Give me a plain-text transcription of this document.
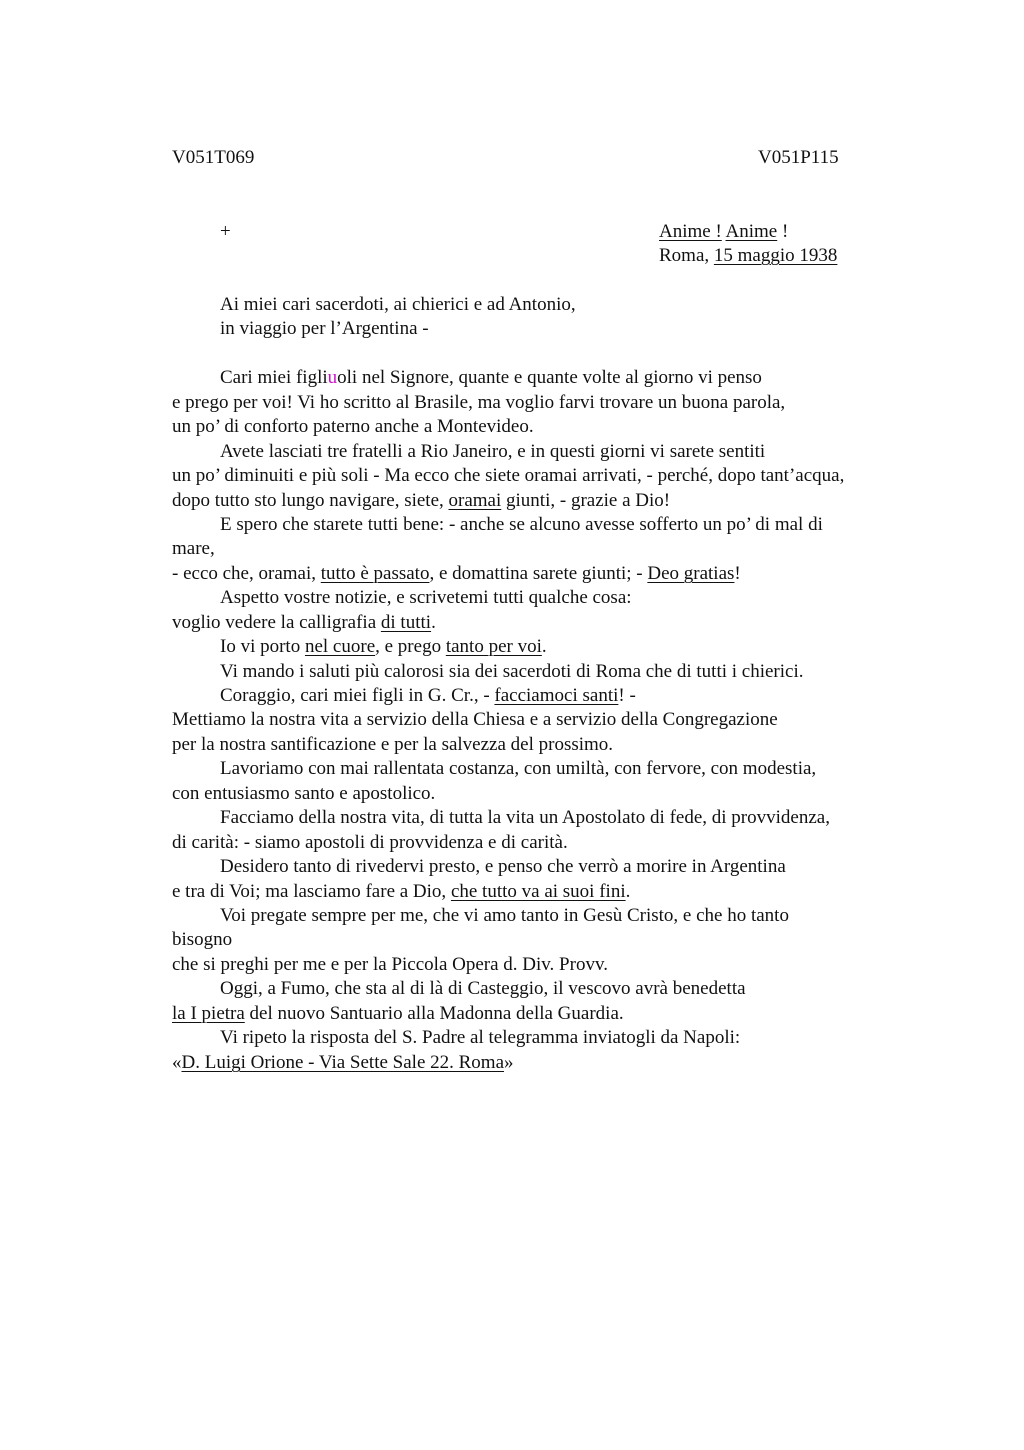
V051T069	V051P115
+	Anime ! Anime !
Roma, 15 maggio 1938
Ai miei cari sacerdoti, ai chierici e ad Antonio,
in viaggio per l’Argentina -
Cari miei figliuoli nel Signore, quante e quante volte al giorno vi penso
e prego per voi! Vi ho scritto al Brasile, ma voglio farvi trovare un buona parola,
un po’ di conforto paterno anche a Montevideo.
Avete lasciati tre fratelli a Rio Janeiro, e in questi giorni vi sarete sentiti
un po’ diminuiti e più soli - Ma ecco che siete oramai arrivati, - perché, dopo tant’acqua,
dopo tutto sto lungo navigare, siete, oramai giunti, - grazie a Dio!
E spero che starete tutti bene: - anche se alcuno avesse sofferto un po’ di mal di
mare,
- ecco che, oramai, tutto è passato, e domattina sarete giunti; - Deo gratias!
Aspetto vostre notizie, e scrivetemi tutti qualche cosa:
voglio vedere la calligrafia di tutti.
Io vi porto nel cuore, e prego tanto per voi.
Vi mando i saluti più calorosi sia dei sacerdoti di Roma che di tutti i chierici.
Coraggio, cari miei figli in G. Cr., - facciamoci santi! -
Mettiamo la nostra vita a servizio della Chiesa e a servizio della Congregazione
per la nostra santificazione e per la salvezza del prossimo.
Lavoriamo con mai rallentata costanza, con umiltà, con fervore, con modestia,
con entusiasmo santo e apostolico.
Facciamo della nostra vita, di tutta la vita un Apostolato di fede, di provvidenza,
di carità: - siamo apostoli di provvidenza e di carità.
Desidero tanto di rivedervi presto, e penso che verrò a morire in Argentina
e tra di Voi; ma lasciamo fare a Dio, che tutto va ai suoi fini.
Voi pregate sempre per me, che vi amo tanto in Gesù Cristo, e che ho tanto
bisogno
che si preghi per me e per la Piccola Opera d. Div. Provv.
Oggi, a Fumo, che sta al di là di Casteggio, il vescovo avrà benedetta
la I pietra del nuovo Santuario alla Madonna della Guardia.
Vi ripeto la risposta del S. Padre al telegramma inviatogli da Napoli:
«D. Luigi Orione - Via Sette Sale 22. Roma»
